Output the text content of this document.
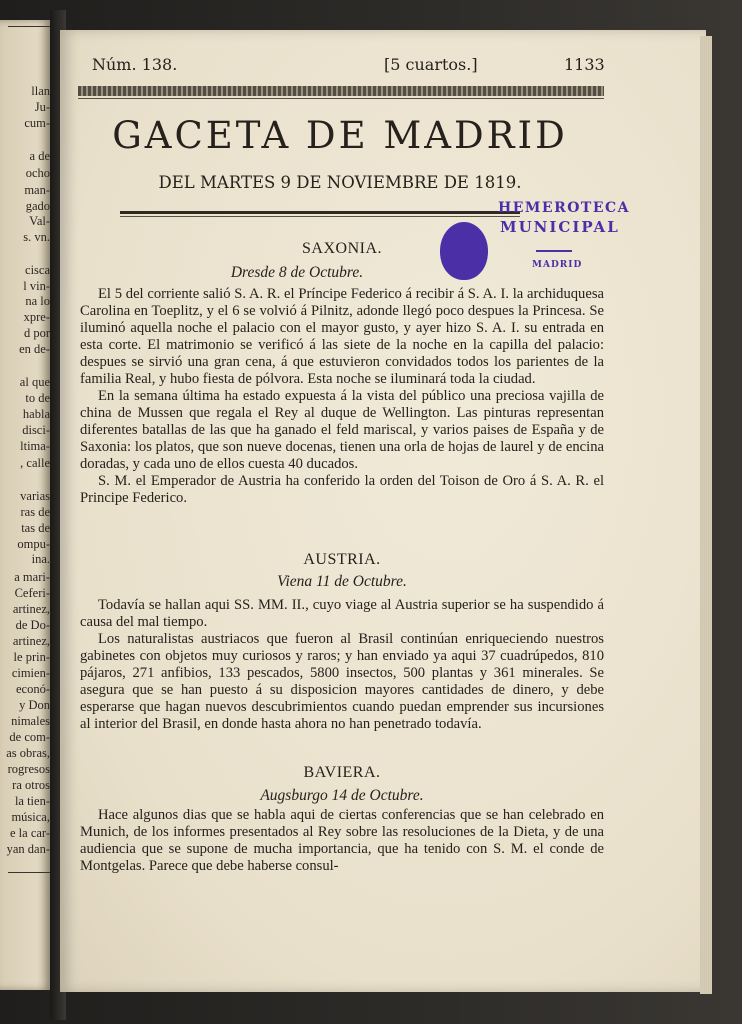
llan
Ju-
cum-
a de
ocho
man-
gado
Val-
s. vn.
cisca
l vin-
na lo
xpre-
d por
en de-
al que
to de
habla
disci-
ltima-
, calle
varias
ras de
tas de
ompu-
ina.
a mari-
Ceferi-
artinez,
de Do-
artinez,
le prin-
cimien-
econó-
y Don
nimales
de com-
as obras,
rogresos
ra otros
la tien-
música,
e la car-
yan dan-
Núm. 138.	[5 cuartos.]	1133
GACETA DE MADRID
DEL MARTES 9 DE NOVIEMBRE DE 1819.
HEMEROTECA
MUNICIPAL
MADRID
SAXONIA.
Dresde 8 de Octubre.

El 5 del corriente salió S. A. R. el Príncipe Federico á recibir á S. A. I. la archiduquesa Carolina en Toeplitz, y el 6 se volvió á Pilnitz, adonde llegó poco despues la Princesa. Se iluminó aquella noche el palacio con el mayor gusto, y ayer hizo S. A. I. su entrada en esta corte. El matrimonio se verificó á las siete de la noche en la capilla del palacio: despues se sirvió una gran cena, á que estuvieron convidados todos los parientes de la familia Real, y hubo fiesta de pólvora. Esta noche se iluminará toda la ciudad.

En la semana última ha estado expuesta á la vista del público una preciosa vajilla de china de Mussen que regala el Rey al duque de Wellington. Las pinturas representan diferentes batallas de las que ha ganado el feld mariscal, y varios paises de España y de Saxonia: los platos, que son nueve docenas, tienen una orla de hojas de laurel y de encina doradas, y cada uno de ellos cuesta 40 ducados.

S. M. el Emperador de Austria ha conferido la orden del Toison de Oro á S. A. R. el Principe Federico.

AUSTRIA.
Viena 11 de Octubre.

Todavía se hallan aqui SS. MM. II., cuyo viage al Austria superior se ha suspendido á causa del mal tiempo.

Los naturalistas austriacos que fueron al Brasil continúan enriqueciendo nuestros gabinetes con objetos muy curiosos y raros; y han enviado ya aqui 37 cuadrúpedos, 810 pájaros, 271 anfibios, 133 pescados, 5800 insectos, 500 plantas y 361 minerales. Se asegura que se han puesto á su disposicion mayores cantidades de dinero, y debe esperarse que hagan nuevos descubrimientos cuando puedan emprender sus incursiones al interior del Brasil, en donde hasta ahora no han penetrado todavía.

BAVIERA.
Augsburgo 14 de Octubre.

Hace algunos dias que se habla aqui de ciertas conferencias que se han celebrado en Munich, de los informes presentados al Rey sobre las resoluciones de la Dieta, y de una audiencia que se supone de mucha importancia, que ha tenido con S. M. el conde de Montgelas. Parece que debe haberse consul-
